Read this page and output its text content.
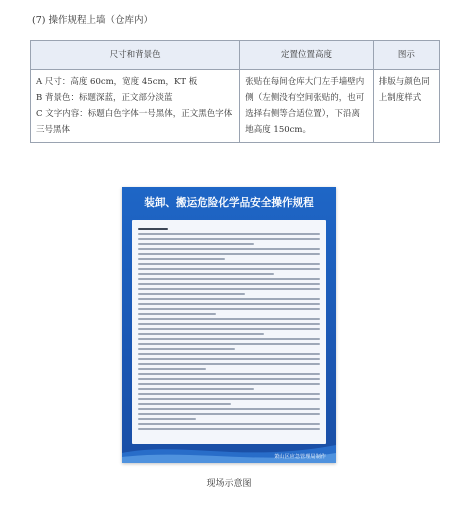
(7) 操作规程上墙（仓库内）
尺寸和背景色	定置位置高度	图示

A 尺寸：高度 60cm，宽度 45cm，KT 板
B 背景色：标题深蓝，正文部分淡蓝
C 文字内容：标题白色字体一号黑体，正文黑色字体三号黑体	张贴在每间仓库大门左手墙壁内侧（左侧没有空间张贴的，也可选择右侧等合适位置），下沿离地高度 150cm。	排版与颜色同上制度样式
装卸、搬运危险化学品安全操作规程
萧山区应急管理局制作
现场示意图
